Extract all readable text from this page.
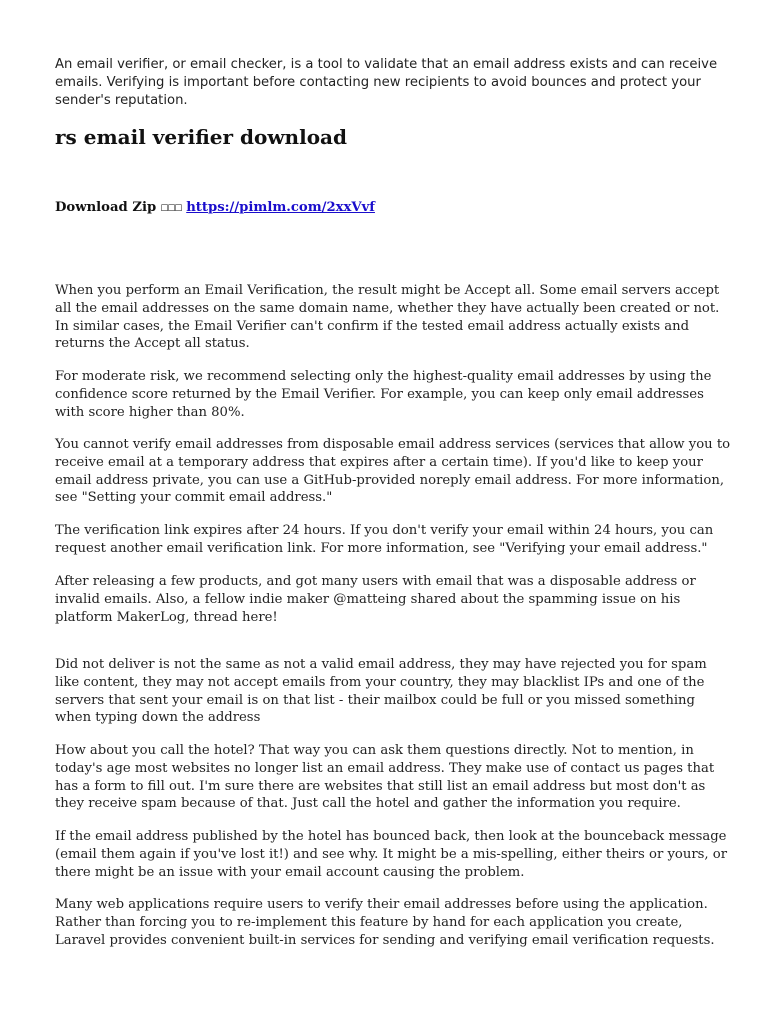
An email verifier, or email checker, is a tool to validate that an email address exists and can receive
emails. Verifying is important before contacting new recipients to avoid bounces and protect your
sender's reputation.
rs email verifier download
Download Zip ☐☐☐ https://pimlm.com/2xxVvf
When you perform an Email Verification, the result might be Accept all. Some email servers accept
all the email addresses on the same domain name, whether they have actually been created or not.
In similar cases, the Email Verifier can't confirm if the tested email address actually exists and
returns the Accept all status.
For moderate risk, we recommend selecting only the highest-quality email addresses by using the
confidence score returned by the Email Verifier. For example, you can keep only email addresses
with score higher than 80%.
You cannot verify email addresses from disposable email address services (services that allow you to
receive email at a temporary address that expires after a certain time). If you'd like to keep your
email address private, you can use a GitHub-provided noreply email address. For more information,
see "Setting your commit email address."
The verification link expires after 24 hours. If you don't verify your email within 24 hours, you can
request another email verification link. For more information, see "Verifying your email address."
After releasing a few products, and got many users with email that was a disposable address or
invalid emails. Also, a fellow indie maker @matteing shared about the spamming issue on his
platform MakerLog, thread here!
Did not deliver is not the same as not a valid email address, they may have rejected you for spam
like content, they may not accept emails from your country, they may blacklist IPs and one of the
servers that sent your email is on that list - their mailbox could be full or you missed something
when typing down the address
How about you call the hotel? That way you can ask them questions directly. Not to mention, in
today's age most websites no longer list an email address. They make use of contact us pages that
has a form to fill out. I'm sure there are websites that still list an email address but most don't as
they receive spam because of that. Just call the hotel and gather the information you require.
If the email address published by the hotel has bounced back, then look at the bounceback message
(email them again if you've lost it!) and see why. It might be a mis-spelling, either theirs or yours, or
there might be an issue with your email account causing the problem.
Many web applications require users to verify their email addresses before using the application.
Rather than forcing you to re-implement this feature by hand for each application you create,
Laravel provides convenient built-in services for sending and verifying email verification requests.
